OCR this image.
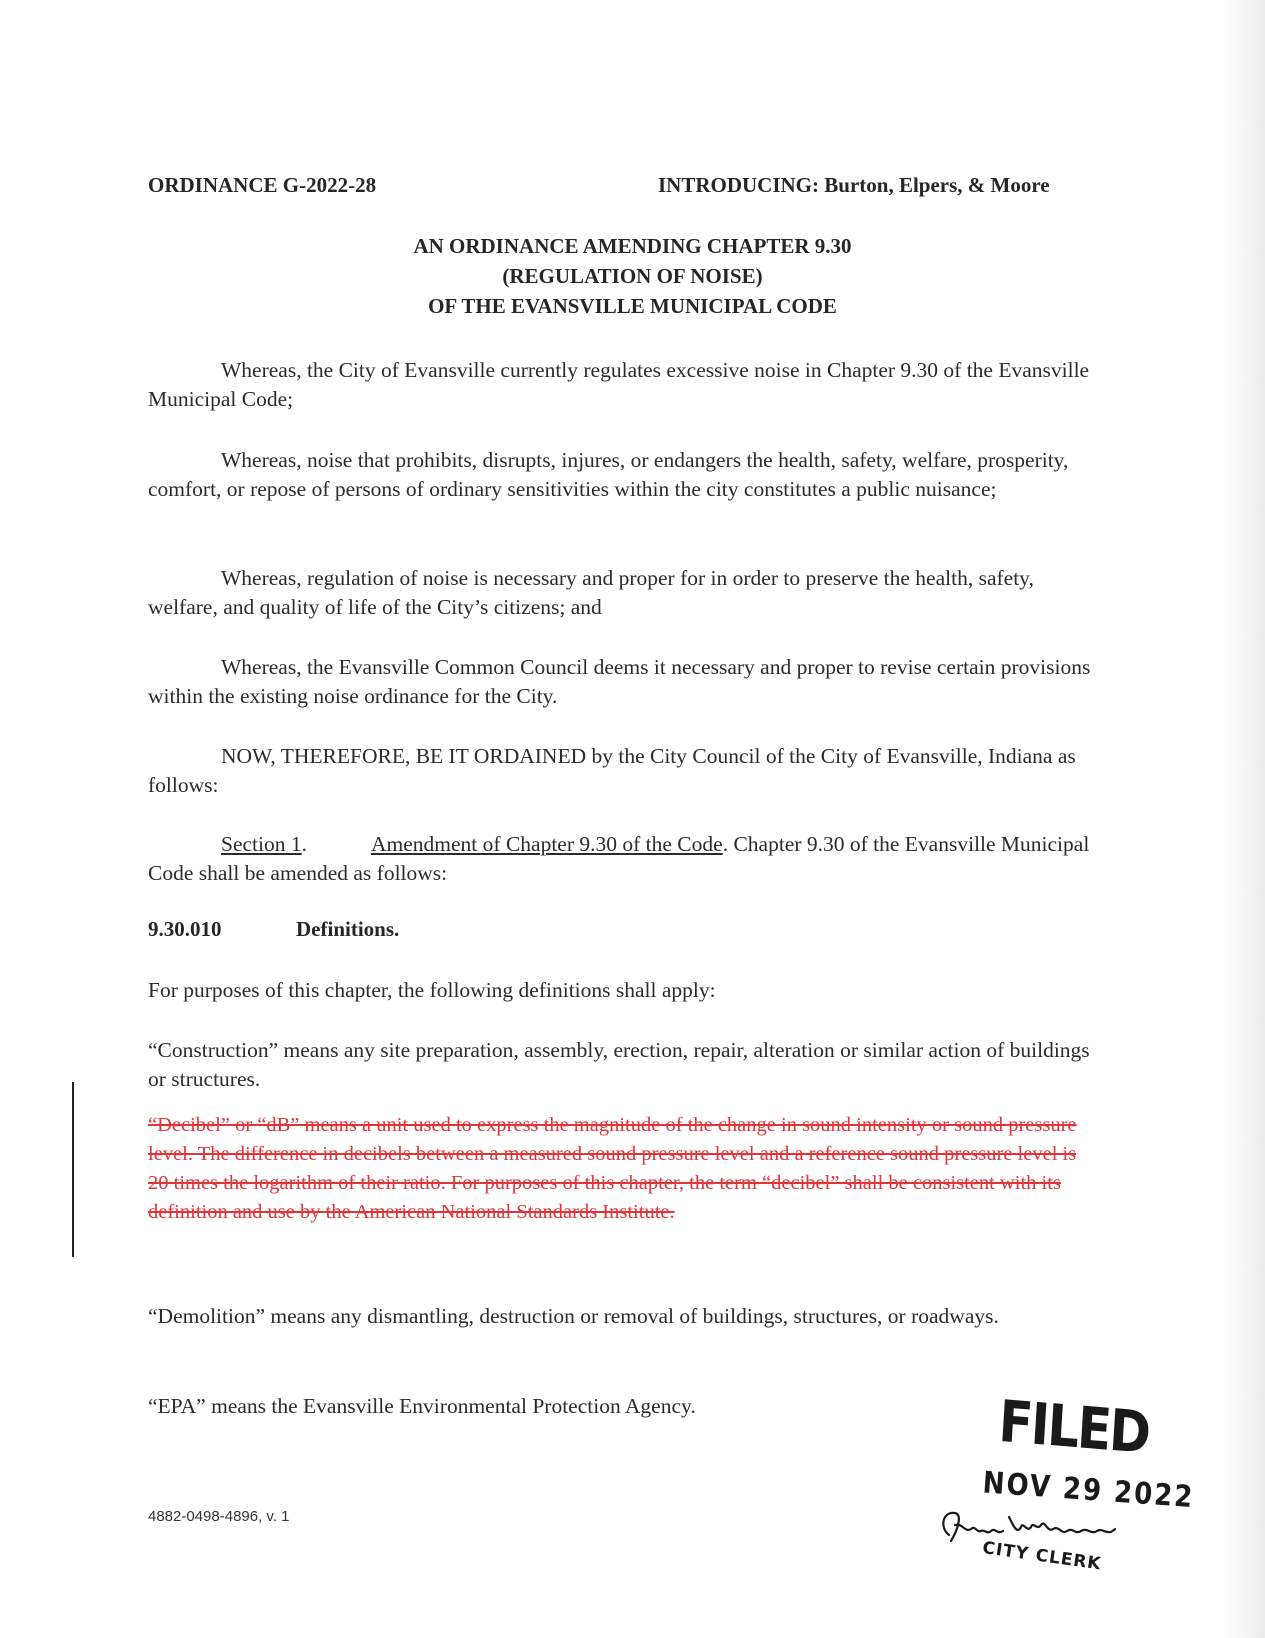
ORDINANCE G-2022-28	INTRODUCING: Burton, Elpers, & Moore
AN ORDINANCE AMENDING CHAPTER 9.30
(REGULATION OF NOISE)
OF THE EVANSVILLE MUNICIPAL CODE
Whereas, the City of Evansville currently regulates excessive noise in Chapter 9.30 of the Evansville Municipal Code;
Whereas, noise that prohibits, disrupts, injures, or endangers the health, safety, welfare, prosperity, comfort, or repose of persons of ordinary sensitivities within the city constitutes a public nuisance;
Whereas, regulation of noise is necessary and proper for in order to preserve the health, safety, welfare, and quality of life of the City’s citizens; and
Whereas, the Evansville Common Council deems it necessary and proper to revise certain provisions within the existing noise ordinance for the City.
NOW, THEREFORE, BE IT ORDAINED by the City Council of the City of Evansville, Indiana as follows:
Section 1.	Amendment of Chapter 9.30 of the Code. Chapter 9.30 of the Evansville Municipal Code shall be amended as follows:
9.30.010	Definitions.
For purposes of this chapter, the following definitions shall apply:
“Construction” means any site preparation, assembly, erection, repair, alteration or similar action of buildings or structures.
“Decibel” or “dB” means a unit used to express the magnitude of the change in sound intensity or sound pressure level. The difference in decibels between a measured sound pressure level and a reference sound pressure level is 20 times the logarithm of their ratio. For purposes of this chapter, the term “decibel” shall be consistent with its definition and use by the American National Standards Institute.
“Demolition” means any dismantling, destruction or removal of buildings, structures, or roadways.
“EPA” means the Evansville Environmental Protection Agency.
4882-0498-4896, v. 1
FILED
NOV 29 2022
CITY CLERK
